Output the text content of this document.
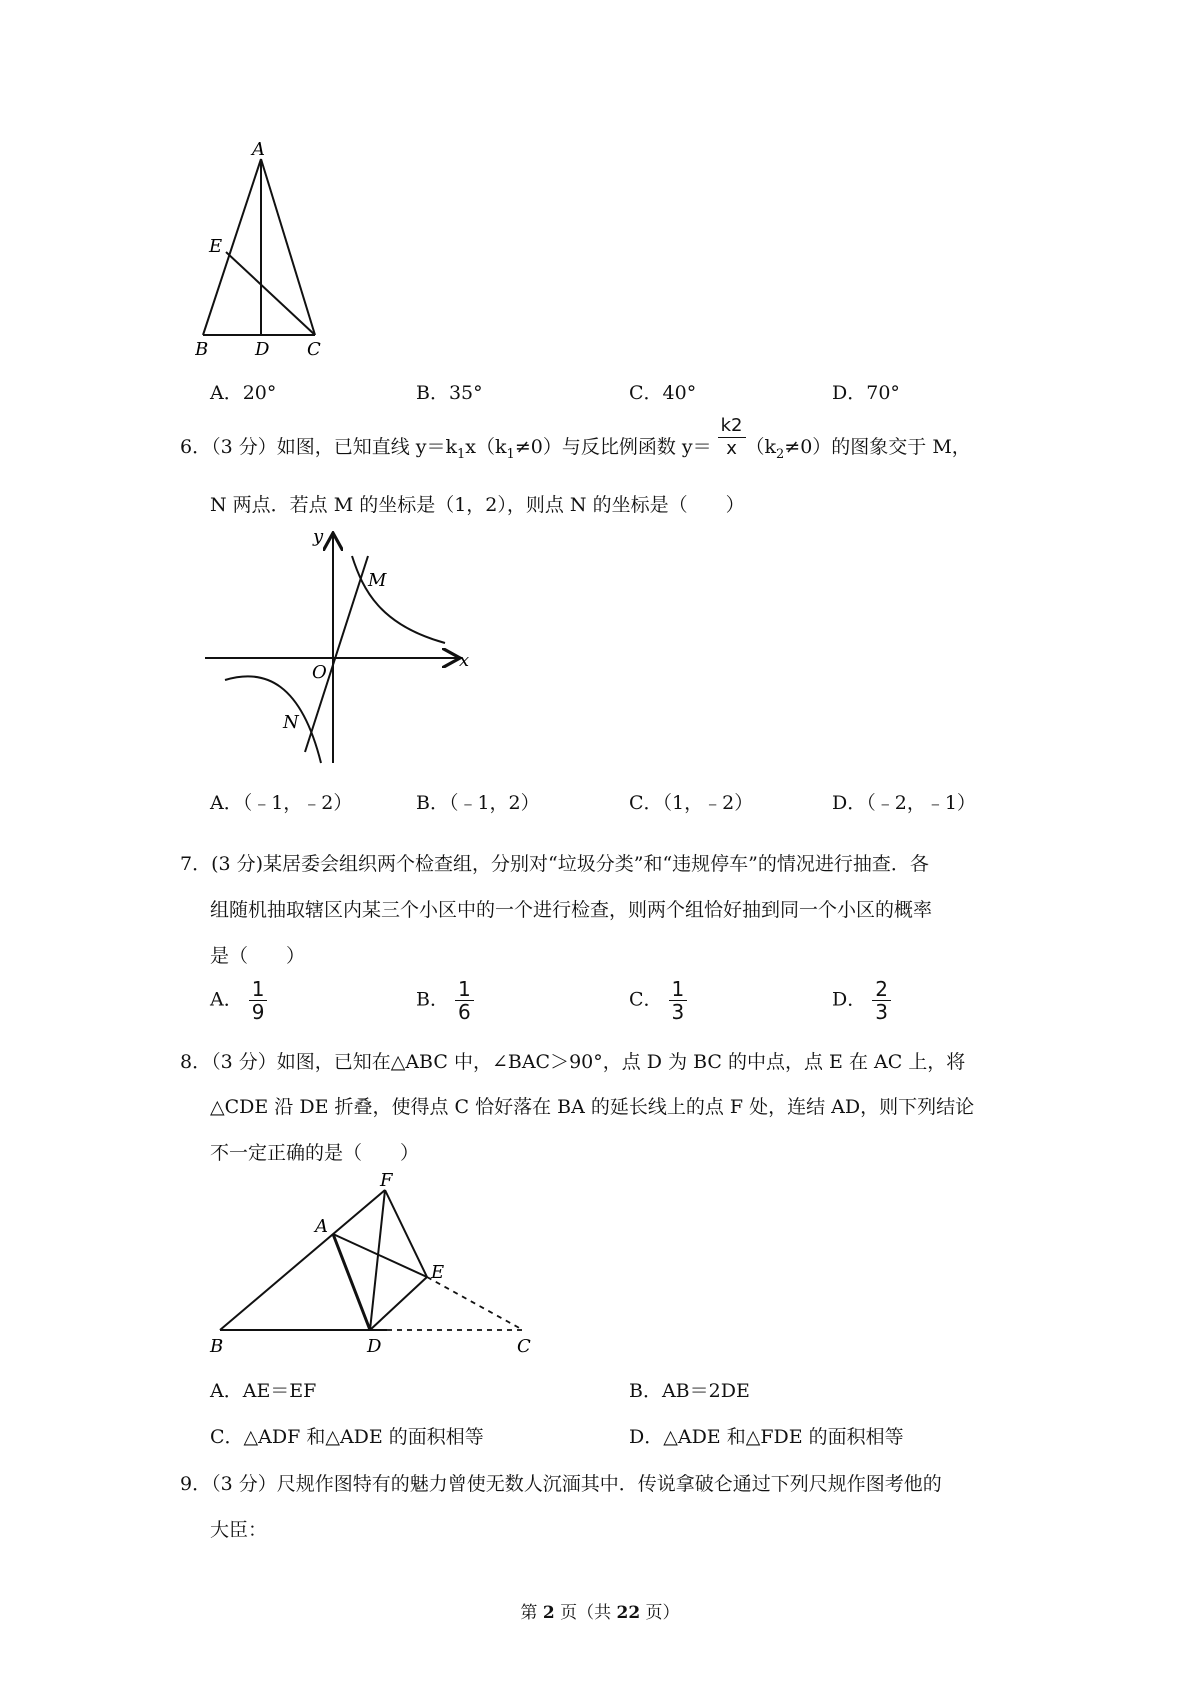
A
E
B	D C
A．20°	B．35°	C．40°	D．70°
6．（3 分）如图，已知直线 $y=k_1x(k_1\ne 0)$与反比例函数 $y= \frac{k2}{x} (k_2\ne 0)$的图象交于 M，
N 两点．若点 M 的坐标是（1，2），则点 N 的坐标是（　　）
y
M
O
x
N
A．（﹣1，﹣2）	B．（﹣1，2）	C．（1，﹣2）	D．（﹣2，﹣1）
7．(3 分)某居委会组织两个检查组，分别对“垃圾分类”和“违规停车”的情况进行抽查．各
组随机抽取辖区内某三个小区中的一个进行检查，则两个组恰好抽到同一个小区的概率
是（　　）
A． $\frac{1}{9}$	B． $\frac{1}{6}$	C． $\frac{1}{3}$	D． $\frac{2}{3}$
8．（3 分）如图，已知在△ABC 中，∠BAC＞90°，点 D 为 BC 的中点，点 E 在 AC 上，将
△CDE 沿 DE 折叠，使得点 C 恰好落在 BA 的延长线上的点 F 处，连结 AD，则下列结论
不一定正确的是（　　）
F
A
E
B	D	C
A．AE＝EF	B．AB＝2DE
C．△ADF 和△ADE 的面积相等	D．△ADE 和△FDE 的面积相等
9．（3 分）尺规作图特有的魅力曾使无数人沉湎其中．传说拿破仑通过下列尺规作图考他的
大臣：
第 2 页（共 22 页）
